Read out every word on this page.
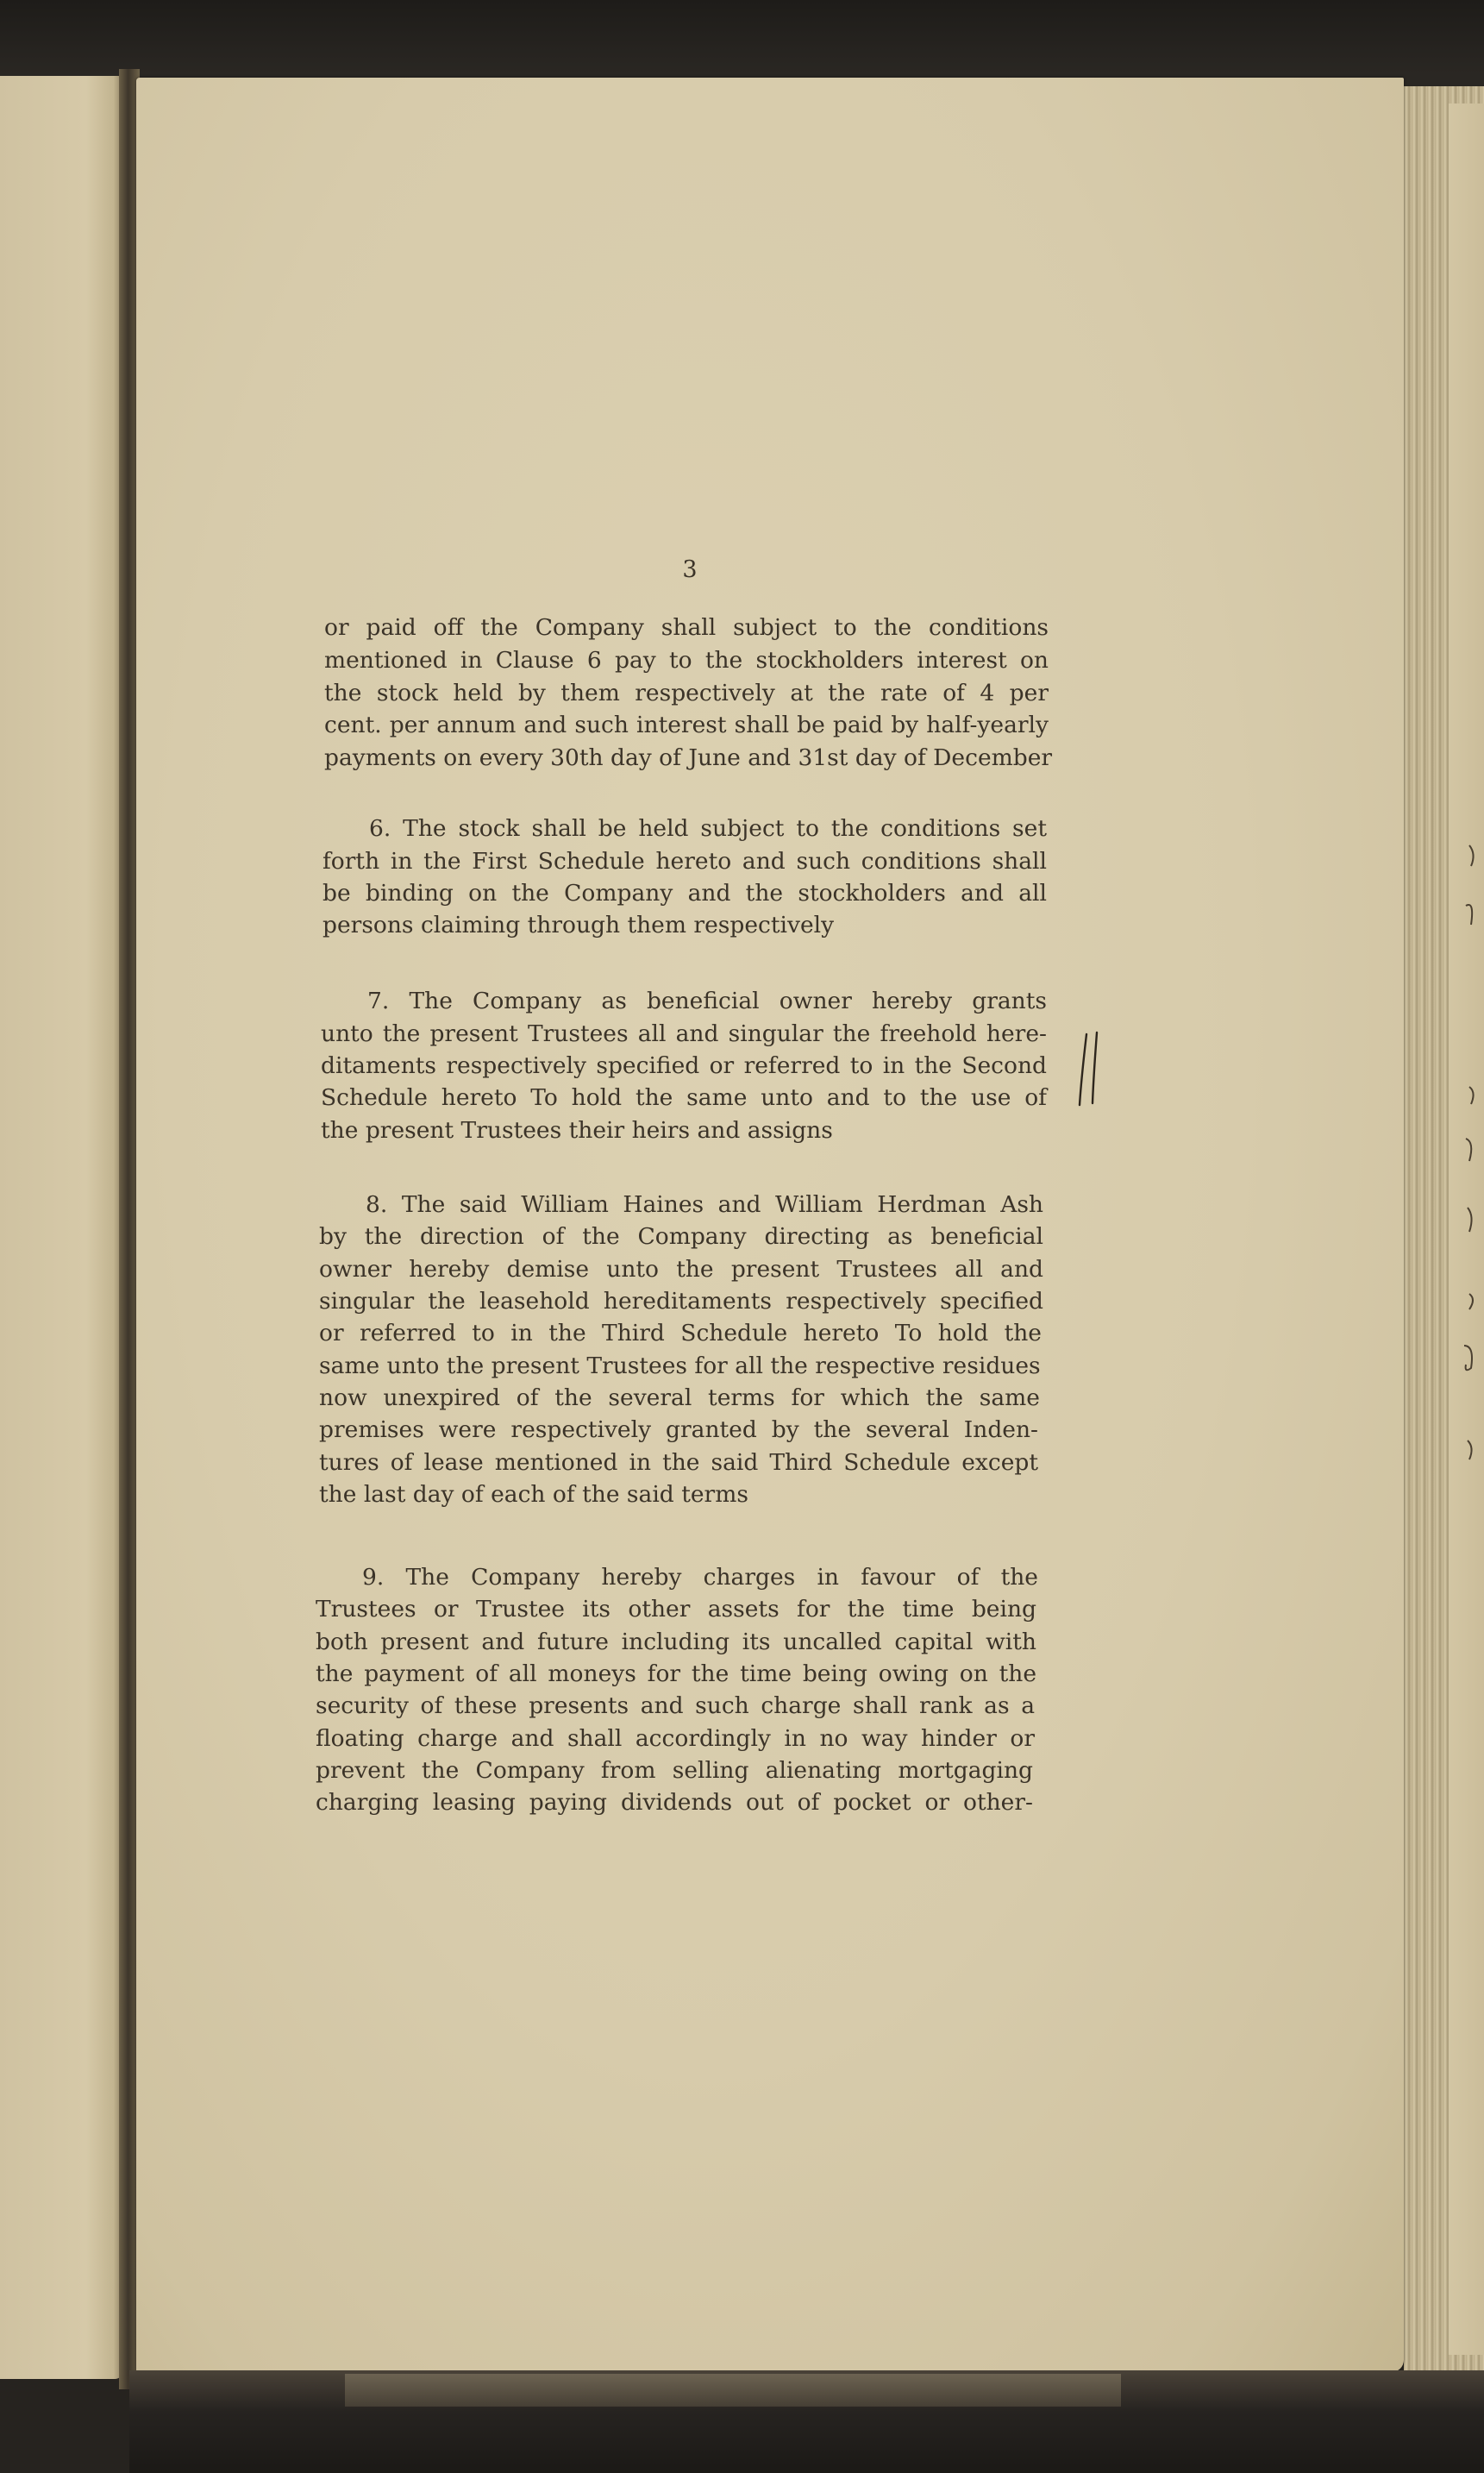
3
or paid off the Company shall subject to the conditions
mentioned in Clause 6 pay to the stockholders interest on
the stock held by them respectively at the rate of 4 per
cent. per annum and such interest shall be paid by half-yearly
payments on every 30th day of June and 31st day of December
6. The stock shall be held subject to the conditions set
forth in the First Schedule hereto and such conditions shall
be binding on the Company and the stockholders and all
persons claiming through them respectively
7. The Company as beneficial owner hereby grants
unto the present Trustees all and singular the freehold here-
ditaments respectively specified or referred to in the Second
Schedule hereto To hold the same unto and to the use of
the present Trustees their heirs and assigns
8. The said William Haines and William Herdman Ash
by the direction of the Company directing as beneficial
owner hereby demise unto the present Trustees all and
singular the leasehold hereditaments respectively specified
or referred to in the Third Schedule hereto To hold the
same unto the present Trustees for all the respective residues
now unexpired of the several terms for which the same
premises were respectively granted by the several Inden-
tures of lease mentioned in the said Third Schedule except
the last day of each of the said terms
9. The Company hereby charges in favour of the
Trustees or Trustee its other assets for the time being
both present and future including its uncalled capital with
the payment of all moneys for the time being owing on the
security of these presents and such charge shall rank as a
floating charge and shall accordingly in no way hinder or
prevent the Company from selling alienating mortgaging
charging leasing paying dividends out of pocket or other-
